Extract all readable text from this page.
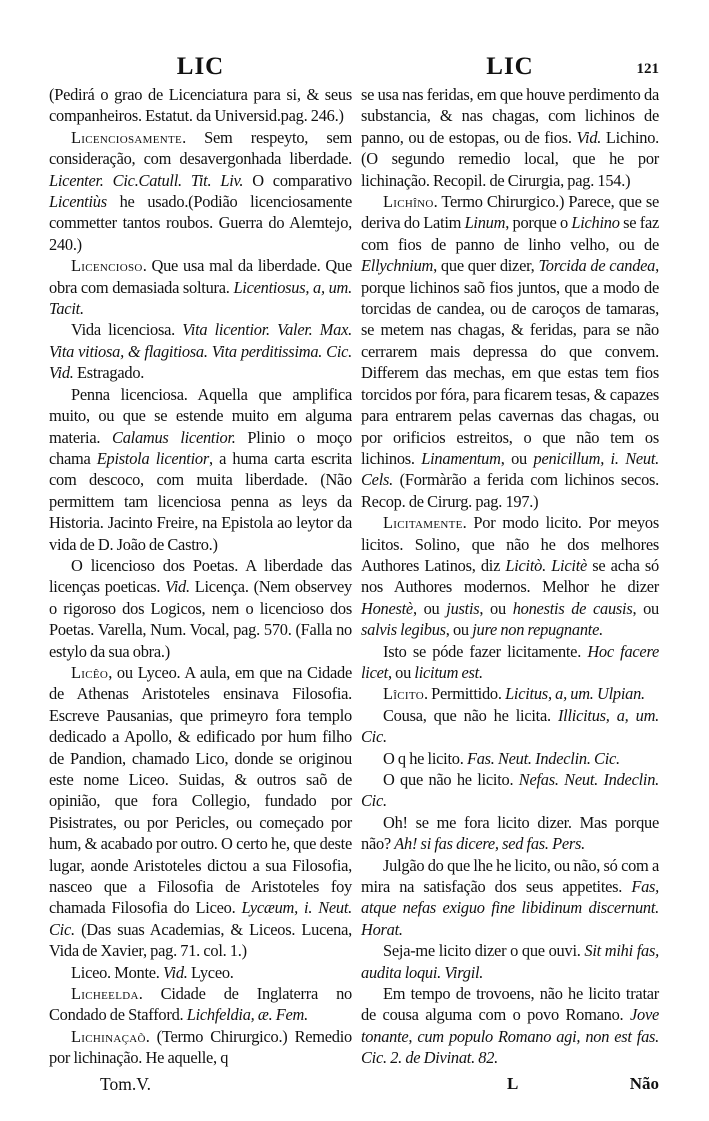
LIC	LIC	121

(Pedirá o grao de Licenciatura para si, & seus companheiros. Estatut. da Universid.pag. 246.)

Licenciosamente. Sem respeyto, sem consideração, com desavergonhada liberdade. Licenter. Cic.Catull. Tit. Liv. O comparativo Licentiùs he usado.(Podião licenciosamente commetter tantos roubos. Guerra do Alemtejo, 240.)

Licencioso. Que usa mal da liberdade. Que obra com demasiada soltura. Licentiosus, a, um. Tacit.

Vida licenciosa. Vita licentior. Valer. Max. Vita vitiosa, & flagitiosa. Vita perditissima. Cic. Vid. Estragado.

Penna licenciosa. Aquella que amplifica muito, ou que se estende muito em alguma materia. Calamus licentior. Plinio o moço chama Epistola licentior, a huma carta escrita com descoco, com muita liberdade. (Não permittem tam licenciosa penna as leys da Historia. Jacinto Freire, na Epistola ao leytor da vida de D. João de Castro.)

O licencioso dos Poetas. A liberdade das licenças poeticas. Vid. Licença. (Nem observey o rigoroso dos Logicos, nem o licencioso dos Poetas. Varella, Num. Vocal, pag. 570. (Falla no estylo da sua obra.)

Licêo, ou Lyceo. A aula, em que na Cidade de Athenas Aristoteles ensinava Filosofia. Escreve Pausanias, que primeyro fora templo dedicado a Apollo, & edificado por hum filho de Pandion, chamado Lico, donde se originou este nome Liceo. Suidas, & outros saõ de opinião, que fora Collegio, fundado por Pisistrates, ou por Pericles, ou começado por hum, & acabado por outro. O certo he, que deste lugar, aonde Aristoteles dictou a sua Filosofia, nasceo que a Filosofia de Aristoteles foy chamada Filosofia do Liceo. Lycæum, i. Neut. Cic. (Das suas Academias, & Liceos. Lucena, Vida de Xavier, pag. 71. col. 1.)

Liceo. Monte. Vid. Lyceo.

Licheelda. Cidade de Inglaterra no Condado de Stafford. Lichfeldia, æ. Fem.

Lichinaçaõ. (Termo Chirurgico.) Remedio por lichinação. He aquelle, q

se usa nas feridas, em que houve perdimento da substancia, & nas chagas, com lichinos de panno, ou de estopas, ou de fios. Vid. Lichino. (O segundo remedio local, que he por lichinação. Recopil. de Cirurgia, pag. 154.)

Lichîno. Termo Chirurgico.) Parece, que se deriva do Latim Linum, porque o Lichino se faz com fios de panno de linho velho, ou de Ellychnium, que quer dizer, Torcida de candea, porque lichinos saõ fios juntos, que a modo de torcidas de candea, ou de caroços de tamaras, se metem nas chagas, & feridas, para se não cerrarem mais depressa do que convem. Differem das mechas, em que estas tem fios torcidos por fóra, para ficarem tesas, & capazes para entrarem pelas cavernas das chagas, ou por orificios estreitos, o que não tem os lichinos. Linamentum, ou penicillum, i. Neut. Cels. (Formàrão a ferida com lichinos secos. Recop. de Cirurg. pag. 197.)

Licitamente. Por modo licito. Por meyos licitos. Solino, que não he dos melhores Authores Latinos, diz Licitò. Licitè se acha só nos Authores modernos. Melhor he dizer Honestè, ou justis, ou honestis de causis, ou salvis legibus, ou jure non repugnante.

Isto se póde fazer licitamente. Hoc facere licet, ou licitum est.

Lîcito. Permittido. Licitus, a, um. Ulpian.

Cousa, que não he licita. Illicitus, a, um. Cic.

O q he licito. Fas. Neut. Indeclin. Cic.

O que não he licito. Nefas. Neut. Indeclin. Cic.

Oh! se me fora licito dizer. Mas porque não? Ah! si fas dicere, sed fas. Pers.

Julgão do que lhe he licito, ou não, só com a mira na satisfação dos seus appetites. Fas, atque nefas exiguo fine libidinum discernunt. Horat.

Seja-me licito dizer o que ouvi. Sit mihi fas, audita loqui. Virgil.

Em tempo de trovoens, não he licito tratar de cousa alguma com o povo Romano. Jove tonante, cum populo Romano agi, non est fas. Cic. 2. de Divinat. 82.

Tom.V.	L	Não
